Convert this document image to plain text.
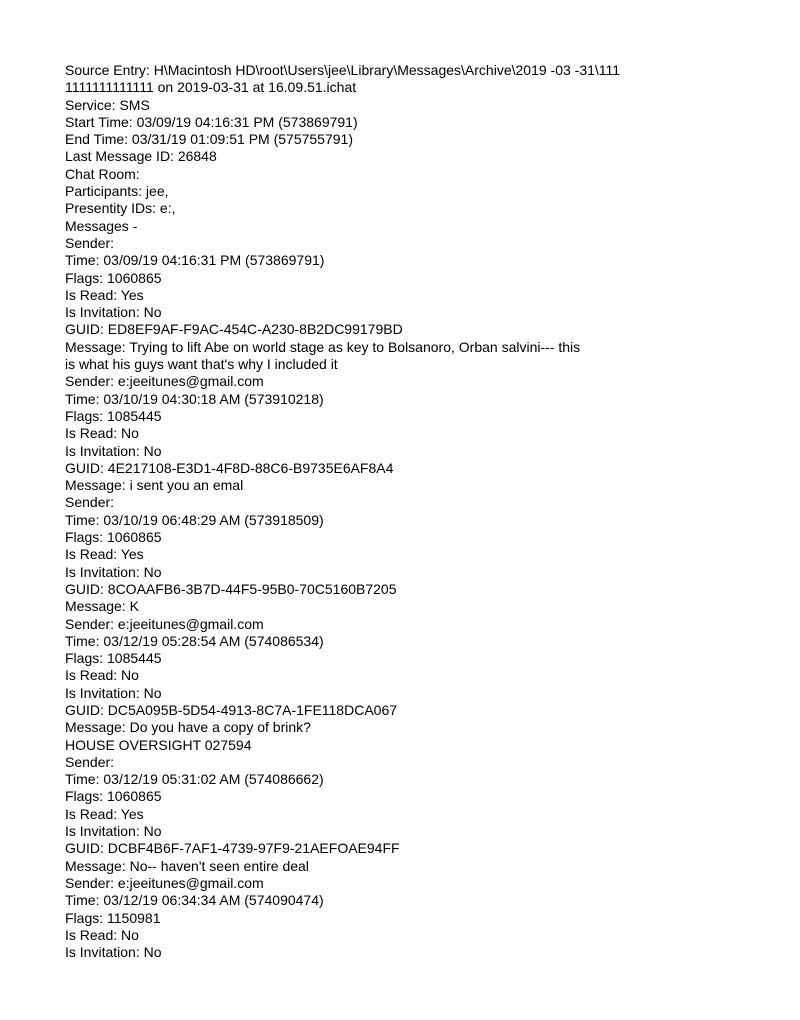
Source Entry: H\Macintosh HD\root\Users\jee\Library\Messages\Archive\2019 -03 -31\111
1111111111111 on 2019-03-31 at 16.09.51.ichat
Service: SMS
Start Time: 03/09/19 04:16:31 PM (573869791)
End Time: 03/31/19 01:09:51 PM (575755791)
Last Message ID: 26848
Chat Room:
Participants: jee,
Presentity IDs: e:,
Messages -
Sender:
Time: 03/09/19 04:16:31 PM (573869791)
Flags: 1060865
Is Read: Yes
Is Invitation: No
GUID: ED8EF9AF-F9AC-454C-A230-8B2DC99179BD
Message: Trying to lift Abe on world stage as key to Bolsanoro, Orban salvini--- this
is what his guys want that's why I included it
Sender: e:jeeitunes@gmail.com
Time: 03/10/19 04:30:18 AM (573910218)
Flags: 1085445
Is Read: No
Is Invitation: No
GUID: 4E217108-E3D1-4F8D-88C6-B9735E6AF8A4
Message: i sent you an emal
Sender:
Time: 03/10/19 06:48:29 AM (573918509)
Flags: 1060865
Is Read: Yes
Is Invitation: No
GUID: 8COAAFB6-3B7D-44F5-95B0-70C5160B7205
Message: K
Sender: e:jeeitunes@gmail.com
Time: 03/12/19 05:28:54 AM (574086534)
Flags: 1085445
Is Read: No
Is Invitation: No
GUID: DC5A095B-5D54-4913-8C7A-1FE118DCA067
Message: Do you have a copy of brink?
HOUSE OVERSIGHT 027594
Sender:
Time: 03/12/19 05:31:02 AM (574086662)
Flags: 1060865
Is Read: Yes
Is Invitation: No
GUID: DCBF4B6F-7AF1-4739-97F9-21AEFOAE94FF
Message: No-- haven't seen entire deal
Sender: e:jeeitunes@gmail.com
Time: 03/12/19 06:34:34 AM (574090474)
Flags: 1150981
Is Read: No
Is Invitation: No
